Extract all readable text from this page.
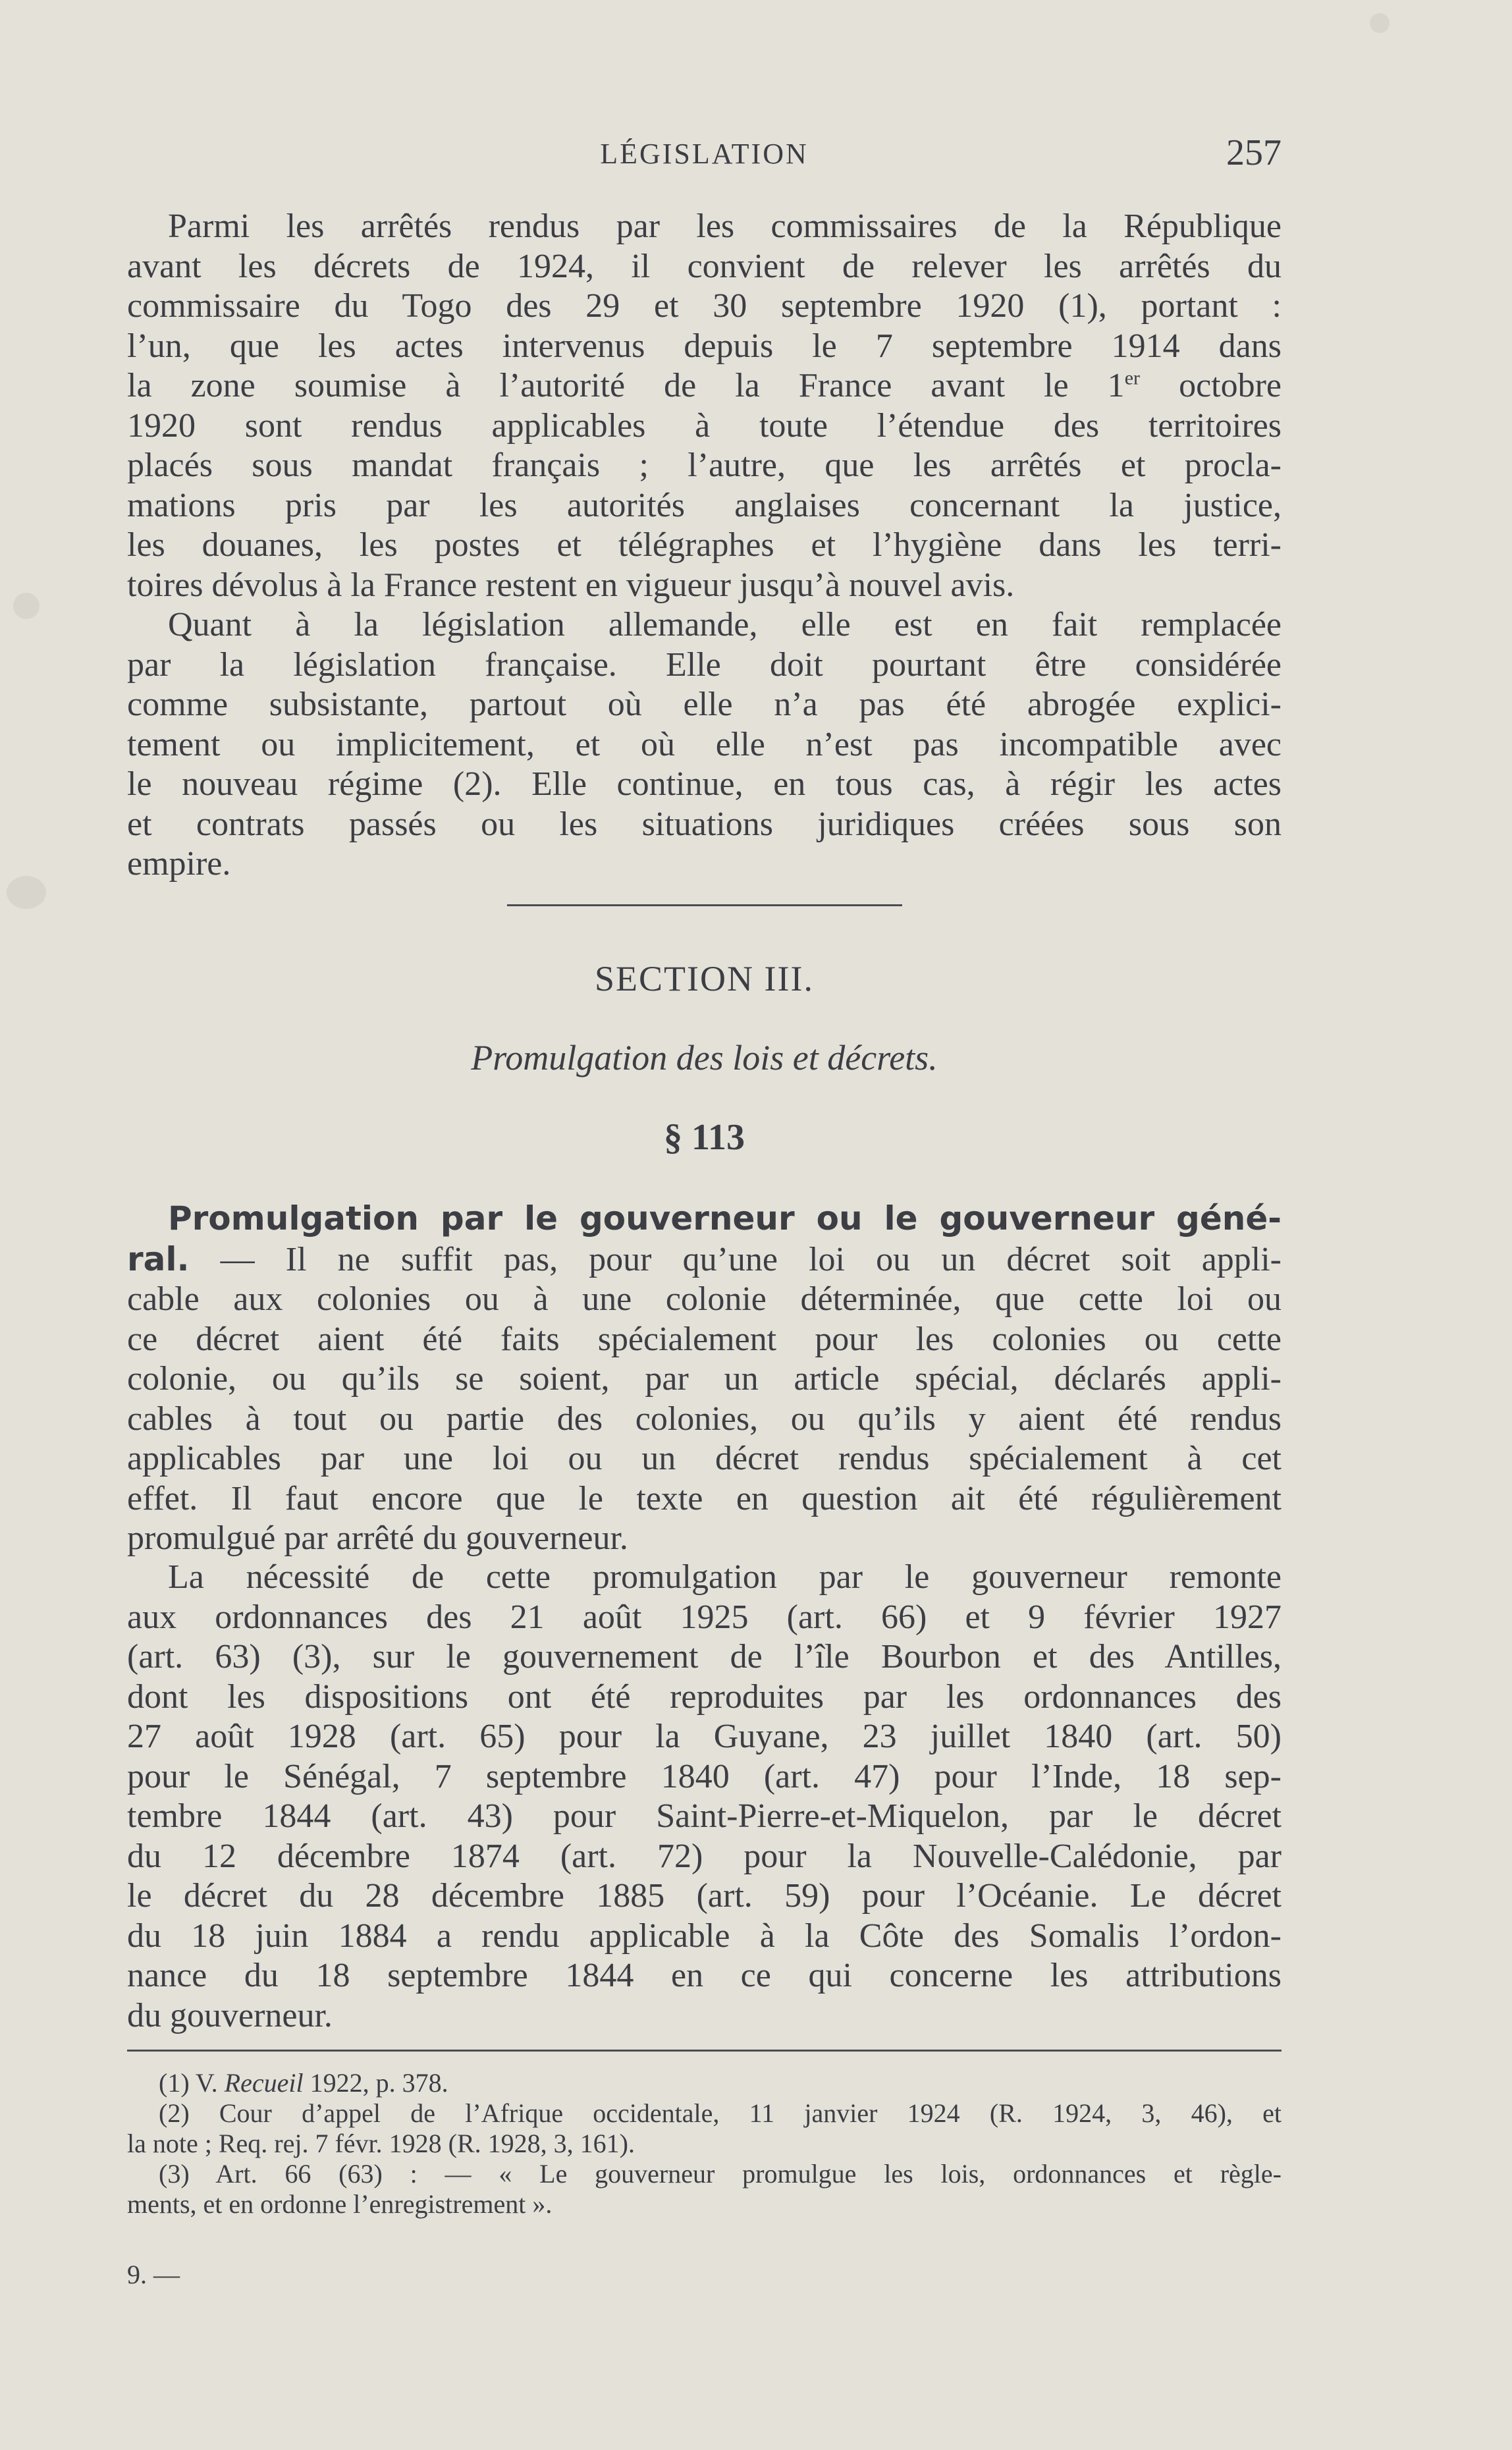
LÉGISLATION	257

Parmi les arrêtés rendus par les commissaires de la République

avant les décrets de 1924, il convient de relever les arrêtés du

commissaire du Togo des 29 et 30 septembre 1920 (1), portant :

l’un, que les actes intervenus depuis le 7 septembre 1914 dans

la zone soumise à l’autorité de la France avant le 1er octobre

1920 sont rendus applicables à toute l’étendue des territoires

placés sous mandat français ; l’autre, que les arrêtés et procla-

mations pris par les autorités anglaises concernant la justice,

les douanes, les postes et télégraphes et l’hygiène dans les terri-

toires dévolus à la France restent en vigueur jusqu’à nouvel avis.

Quant à la législation allemande, elle est en fait remplacée

par la législation française. Elle doit pourtant être considérée

comme subsistante, partout où elle n’a pas été abrogée explici-

tement ou implicitement, et où elle n’est pas incompatible avec

le nouveau régime (2). Elle continue, en tous cas, à régir les actes

et contrats passés ou les situations juridiques créées sous son

empire.

SECTION III.
Promulgation des lois et décrets.
§ 113

Promulgation par le gouverneur ou le gouverneur géné-

ral. — Il ne suffit pas, pour qu’une loi ou un décret soit appli-

cable aux colonies ou à une colonie déterminée, que cette loi ou

ce décret aient été faits spécialement pour les colonies ou cette

colonie, ou qu’ils se soient, par un article spécial, déclarés appli-

cables à tout ou partie des colonies, ou qu’ils y aient été rendus

applicables par une loi ou un décret rendus spécialement à cet

effet. Il faut encore que le texte en question ait été régulièrement

promulgué par arrêté du gouverneur.

La nécessité de cette promulgation par le gouverneur remonte

aux ordonnances des 21 août 1925 (art. 66) et 9 février 1927

(art. 63) (3), sur le gouvernement de l’île Bourbon et des Antilles,

dont les dispositions ont été reproduites par les ordonnances des

27 août 1928 (art. 65) pour la Guyane, 23 juillet 1840 (art. 50)

pour le Sénégal, 7 septembre 1840 (art. 47) pour l’Inde, 18 sep-

tembre 1844 (art. 43) pour Saint-Pierre-et-Miquelon, par le décret

du 12 décembre 1874 (art. 72) pour la Nouvelle-Calédonie, par

le décret du 28 décembre 1885 (art. 59) pour l’Océanie. Le décret

du 18 juin 1884 a rendu applicable à la Côte des Somalis l’ordon-

nance du 18 septembre 1844 en ce qui concerne les attributions

du gouverneur.

(1) V. Recueil 1922, p. 378.

(2) Cour d’appel de l’Afrique occidentale, 11 janvier 1924 (R. 1924, 3, 46), et

la note ; Req. rej. 7 févr. 1928 (R. 1928, 3, 161).

(3) Art. 66 (63) : — « Le gouverneur promulgue les lois, ordonnances et règle-

ments, et en ordonne l’enregistrement ».

9. —
